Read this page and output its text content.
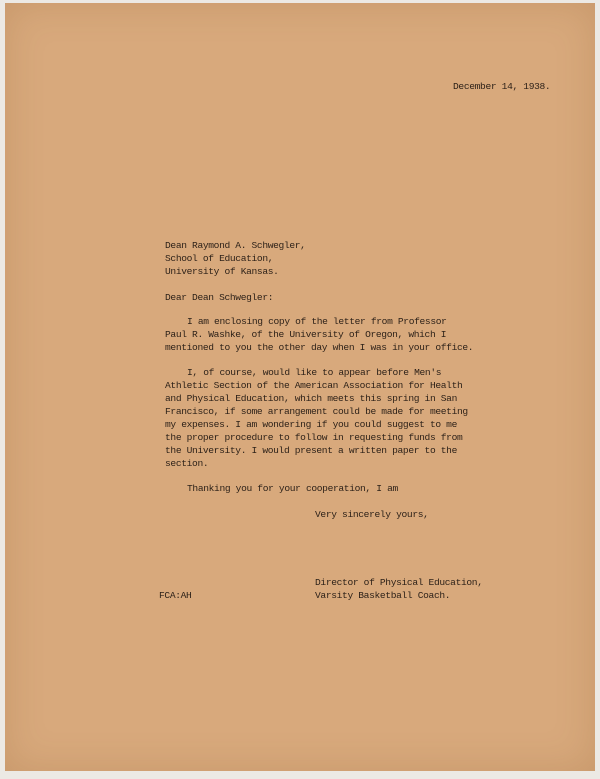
December 14, 1938.

Dean Raymond A. Schwegler,

School of Education,

University of Kansas.

Dear Dean Schwegler:

I am enclosing copy of the letter from Professor

Paul R. Washke, of the University of Oregon, which I

mentioned to you the other day when I was in your office.

I, of course, would like to appear before Men's

Athletic Section of the American Association for Health

and Physical Education, which meets this spring in San

Francisco, if some arrangement could be made for meeting

my expenses. I am wondering if you could suggest to me

the proper procedure to follow in requesting funds from

the University. I would present a written paper to the

section.

Thanking you for your cooperation, I am

Very sincerely yours,

Director of Physical Education,

Varsity Basketball Coach.

FCA:AH
